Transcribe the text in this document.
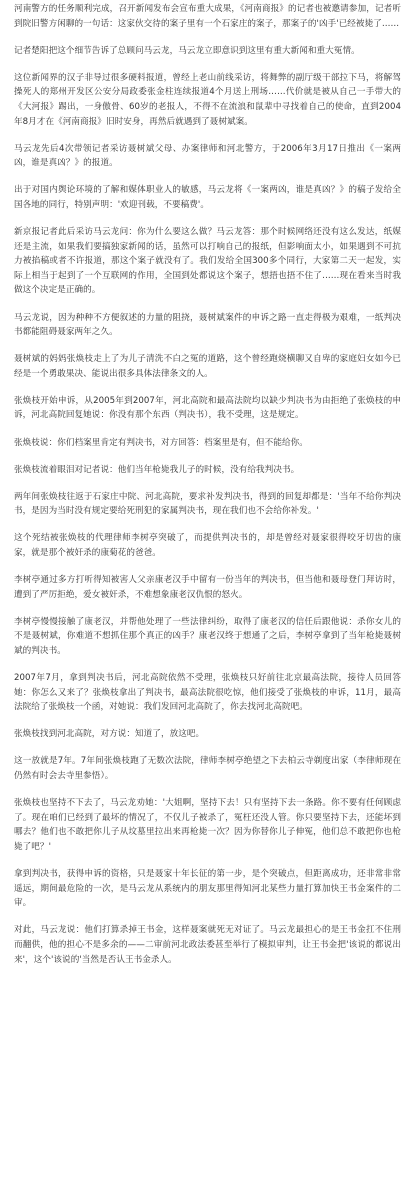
河南警方的任务顺利完成，召开新闻发布会宣布重大成果，《河南商报》的记者也被邀请参加，记者听到院旧警方闲聊的一句话：这家伙交待的案子里有一个石家庄的案子，那案子的'凶手'已经被毙了……

记者楚阳把这个细节告诉了总顾问马云龙，马云龙立即意识到这里有重大新闻和重大冤情。

这位新闻界的汉子非导过很多硬料报道，曾经上老山前线采访，将舞弊的副厅级干部拉下马，将解驾操死人的郑州开发区公安分局政委张金柱连续报道4个月送上刑场……代价就是被从自己一手带大的《大河报》踢出，一身傲骨、60岁的老报人，不得不在流浪和鼠辈中寻找着自己的使命，直到2004年8月才在《河南商报》旧时安身，再然后就遇到了聂树斌案。

马云龙先后4次带领记者采访聂树斌父母、办案律师和河北警方，于2006年3月17日推出《一案两凶，谁是真凶？》的报道。

出于对国内舆论环境的了解和媒体职业人的敏感，马云龙将《一案两凶，谁是真凶？》的稿子发给全国各地的同行，特别声明：'欢迎刊载，不要稿费'。

新京报记者此后采访马云龙问：你为什么要这么做？马云龙答：那个时候网络还没有这么发达，纸媒还是主流，如果我们要搞独家新闻的话，虽然可以打响自己的报纸，但影响面太小，如果遇到不可抗力被掐稿或者不许报道，那这个案子就没有了。我们发给全国300多个同行，大家第二天一起发，实际上相当于起到了一个互联网的作用，全国到处都说这个案子，想捂也捂不住了……现在看来当时我做这个决定是正确的。

马云龙说，因为种种不方便叙述的力量的阻挠，聂树斌案件的申诉之路一直走得极为艰难，一纸判决书都能阻碍聂家两年之久。

聂树斌的妈妈张焕枝走上了为儿子清洗不白之冤的道路，这个曾经跑烧横聊又自卑的家庭妇女如今已经是一个勇敢果决、能说出很多具体法律条文的人。

张焕枝开始申诉，从2005年到2007年，河北高院和最高法院均以缺少判决书为由拒绝了张焕枝的申诉，河北高院回复她说：你没有那个东西（判决书），我不受理，这是规定。

张焕枝说：你们档案里肯定有判决书，对方回答：档案里是有，但不能给你。

张焕枝流着眼泪对记者说：他们当年枪毙我儿子的时候，没有给我判决书。

两年间张焕枝往返于石家庄中院、河北高院，要求补发判决书，得到的回复却都是：'当年不给你判决书，是因为当时没有规定要给死刑犯的家属判决书，现在我们也不会给你补发。'

这个死结被张焕枝的代理律师李树亭突破了，而提供判决书的，却是曾经对聂家很得咬牙切齿的康家，就是那个被奸杀的康菊花的爸爸。

李树亭通过多方打听得知被害人父亲康老汉手中留有一份当年的判决书，但当他和聂母登门拜访时，遭到了严厉拒绝，爱女被奸杀，不难想象康老汉仇恨的怒火。

李树亭慢慢接触了康老汉，并帮他处理了一些法律纠纷，取得了康老汉的信任后跟他说：杀你女儿的不是聂树斌，你难道不想抓住那个真正的凶手？康老汉终于想通了之后，李树亭拿到了当年枪毙聂树斌的判决书。

2007年7月，拿到判决书后，河北高院依然不受理，张焕枝只好前往北京最高法院，接待人员回答她：你怎么又来了？张焕枝拿出了判决书，最高法院很吃惊，他们接受了张焕枝的申诉，11月，最高法院给了张焕枝一个函，对她说：我们发回河北高院了，你去找河北高院吧。

张焕枝找到河北高院，对方说：知道了，放这吧。

这一放就是7年。7年间张焕枝跑了无数次法院，律师李树亭绝望之下去柏云寺剃度出家（李律师现在仍然有时会去寺里参悟）。

张焕枝也坚持不下去了，马云龙劝她：'大姐啊，坚持下去！只有坚持下去一条路。你不要有任何顾虑了。现在咱们已经到了最坏的情况了，不仅儿子被杀了，冤枉还没人管。你只要坚持下去，还能坏到哪去？他们也不敢把你儿子从坟墓里拉出来再枪毙一次？因为你替你儿子伸冤，他们总不敢把你也枪毙了吧？'

拿到判决书，获得申诉的资格，只是聂家十年长征的第一步，是个突破点，但距离成功，还非常非常遥远，期间最危险的一次，是马云龙从系统内的朋友那里得知河北某些力量打算加快王书金案件的二审。

对此，马云龙说：他们打算杀掉王书金，这样聂案就死无对证了。马云龙最担心的是王书金扛不住刑而翻供，他的担心不是多余的——二审前河北政法委甚至举行了模拟审判，让王书金把'该说的都说出来'，这个'该说的'当然是否认王书金杀人。
